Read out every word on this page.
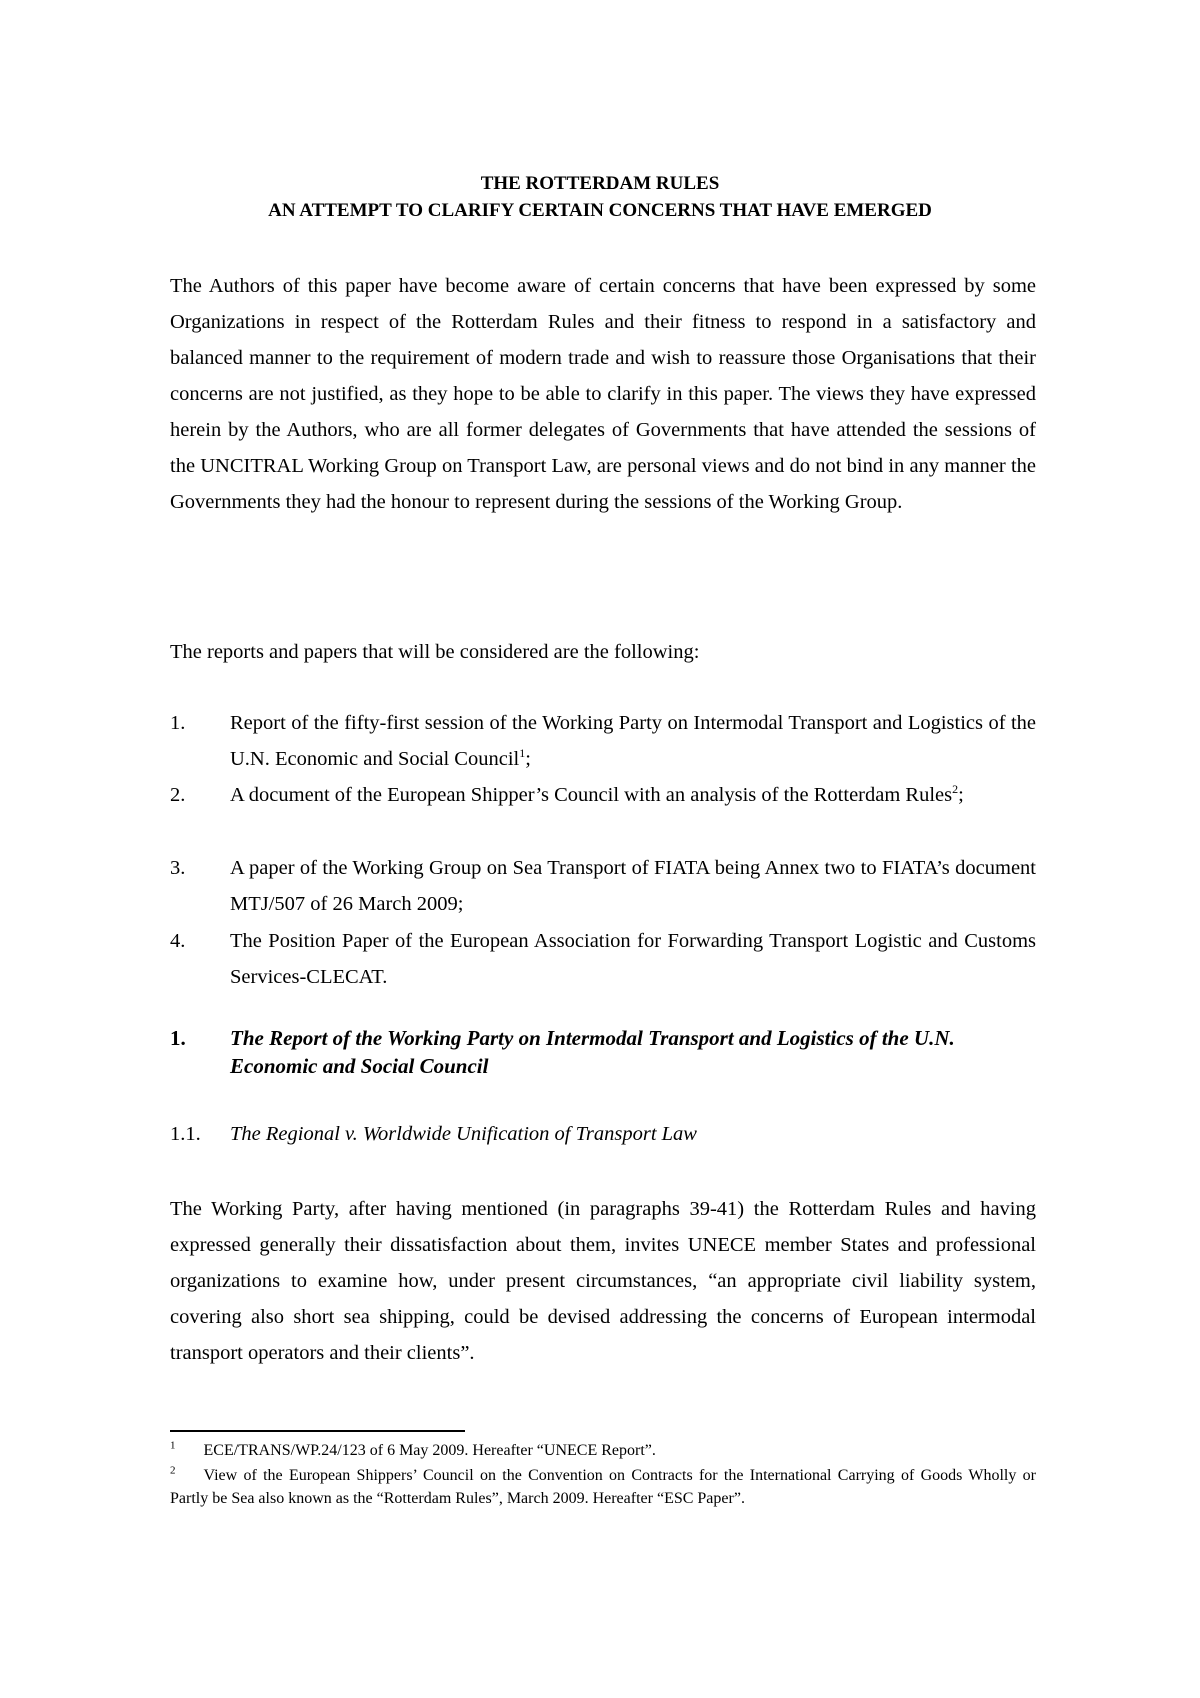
THE ROTTERDAM RULES
AN ATTEMPT TO CLARIFY CERTAIN CONCERNS THAT HAVE EMERGED
The Authors of this paper have become aware of certain concerns that have been expressed by some Organizations in respect of the Rotterdam Rules and their fitness to respond in a satisfactory and balanced manner to the requirement of modern trade and wish to reassure those Organisations that their concerns are not justified, as they hope to be able to clarify in this paper. The views they have expressed herein by the Authors, who are all former delegates of Governments that have attended the sessions of the UNCITRAL Working Group on Transport Law, are personal views and do not bind in any manner the Governments they had the honour to represent during the sessions of the Working Group.
The reports and papers that will be considered are the following:
1. Report of the fifty-first session of the Working Party on Intermodal Transport and Logistics of the U.N. Economic and Social Council$^1$;
2. A document of the European Shipper’s Council with an analysis of the Rotterdam Rules$^2$;
3. A paper of the Working Group on Sea Transport of FIATA being Annex two to FIATA’s document MTJ/507 of 26 March 2009;
4. The Position Paper of the European Association for Forwarding Transport Logistic and Customs Services-CLECAT.
1. The Report of the Working Party on Intermodal Transport and Logistics of the U.N. Economic and Social Council
1.1. The Regional v. Worldwide Unification of Transport Law
The Working Party, after having mentioned (in paragraphs 39-41) the Rotterdam Rules and having expressed generally their dissatisfaction about them, invites UNECE member States and professional organizations to examine how, under present circumstances, “an appropriate civil liability system, covering also short sea shipping, could be devised addressing the concerns of European intermodal transport operators and their clients”.
$^1$ ECE/TRANS/WP.24/123 of 6 May 2009. Hereafter “UNECE Report”.
$^2$ View of the European Shippers’ Council on the Convention on Contracts for the International Carrying of Goods Wholly or Partly be Sea also known as the “Rotterdam Rules”, March 2009. Hereafter “ESC Paper”.
